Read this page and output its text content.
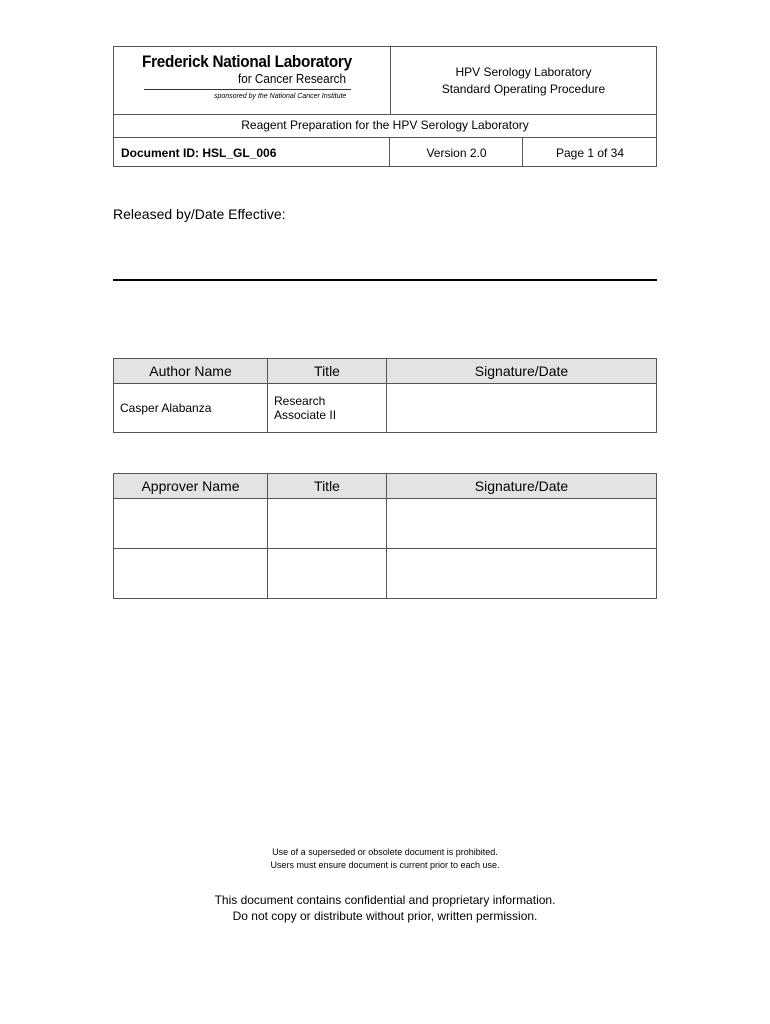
Frederick National Laboratory
for Cancer Research
sponsored by the National Cancer Institute
HPV Serology Laboratory
Standard Operating Procedure
Reagent Preparation for the HPV Serology Laboratory
Document ID: HSL_GL_006	Version 2.0	Page 1 of 34
Released by/Date Effective:
Author Name	Title	Signature/Date
Casper Alabanza	Research
Associate II	

Approver Name	Title	Signature/Date

Use of a superseded or obsolete document is prohibited.
Users must ensure document is current prior to each use.
This document contains confidential and proprietary information.
Do not copy or distribute without prior, written permission.
